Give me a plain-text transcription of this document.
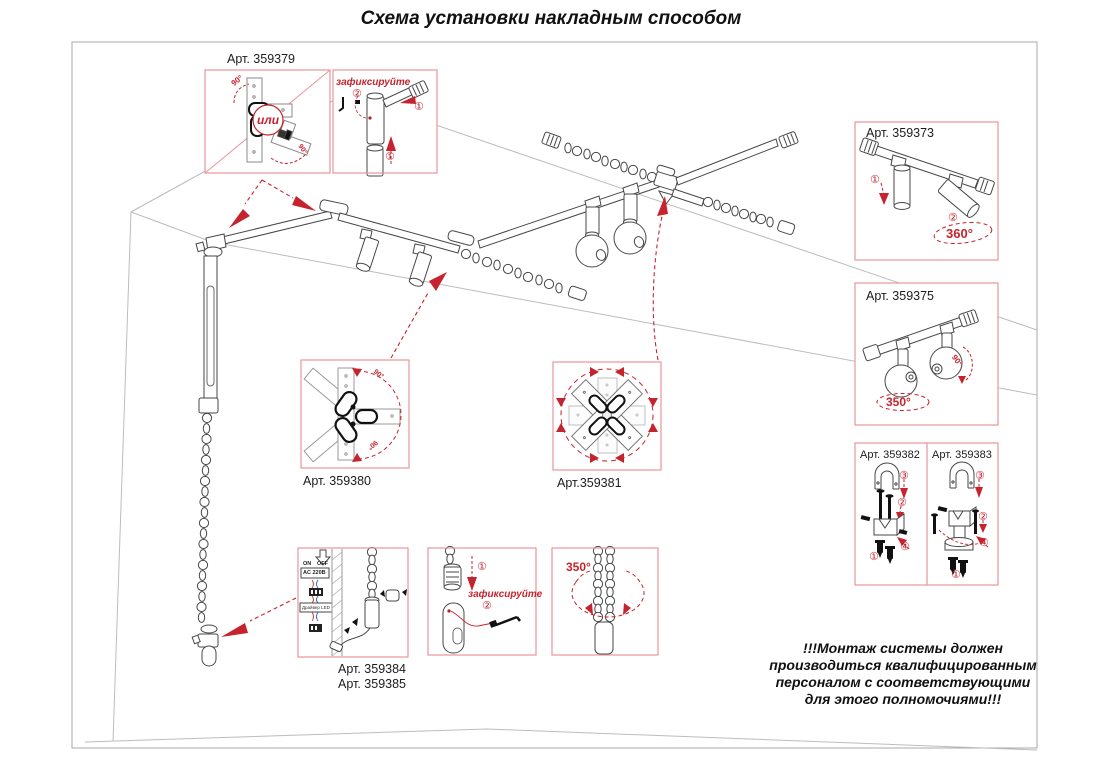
Схема установки накладным способом
Арт. 359379
Арт. 359373
Арт. 359375
Арт. 359382 Арт. 359383
Арт. 359380	Арт.359381
Арт. 359384
Арт. 359385
или
зафиксируйте
зафиксируйте
360°
350°
350°
90°
90°
90°
90°
90°
②
①
①
①
②
③
②
④
①
③
②
④
①
①
②
ON OFF
AC 220В
Драйвер LED
!!!Монтаж системы должен
производиться квалифицированным
персоналом с соответствующими
для этого полномочиями!!!
